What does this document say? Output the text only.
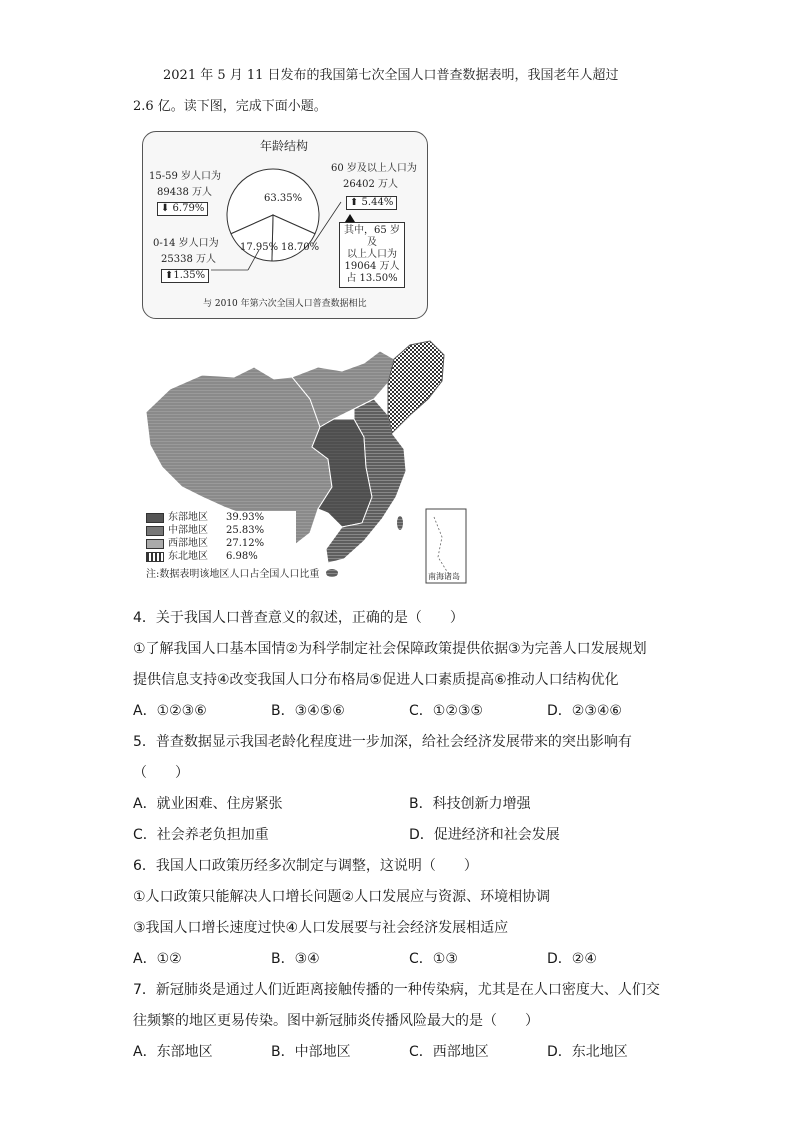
2021 年 5 月 11 日发布的我国第七次全国人口普查数据表明，我国老年人超过
2.6 亿。读下图，完成下面小题。
年龄结构
63.35%
17.95% 18.70%
15-59 岁人口为
89438 万人
⬇ 6.79%
0-14 岁人口为
25338 万人
⬆1.35%
60 岁及以上人口为
26402 万人
⬆ 5.44%
其中，65 岁及
以上人口为
19064 万人
占 13.50%
与 2010 年第六次全国人口普查数据相比
东部地区	39.93%
中部地区	25.83%
西部地区	27.12%
东北地区	6.98%
注:数据表明该地区人口占全国人口比重	南海诸岛
4．关于我国人口普查意义的叙述，正确的是（　　）
①了解我国人口基本国情②为科学制定社会保障政策提供依据③为完善人口发展规划
提供信息支持④改变我国人口分布格局⑤促进人口素质提高⑥推动人口结构优化
A．①②③⑥	B．③④⑤⑥	C．①②③⑤	D．②③④⑥
5．普查数据显示我国老龄化程度进一步加深，给社会经济发展带来的突出影响有
（　　）
A．就业困难、住房紧张	B．科技创新力增强
C．社会养老负担加重	D．促进经济和社会发展
6．我国人口政策历经多次制定与调整，这说明（　　）
①人口政策只能解决人口增长问题②人口发展应与资源、环境相协调
③我国人口增长速度过快④人口发展要与社会经济发展相适应
A．①②	B．③④	C．①③	D．②④
7．新冠肺炎是通过人们近距离接触传播的一种传染病，尤其是在人口密度大、人们交
往频繁的地区更易传染。图中新冠肺炎传播风险最大的是（　　）
A．东部地区	B．中部地区	C．西部地区	D．东北地区
